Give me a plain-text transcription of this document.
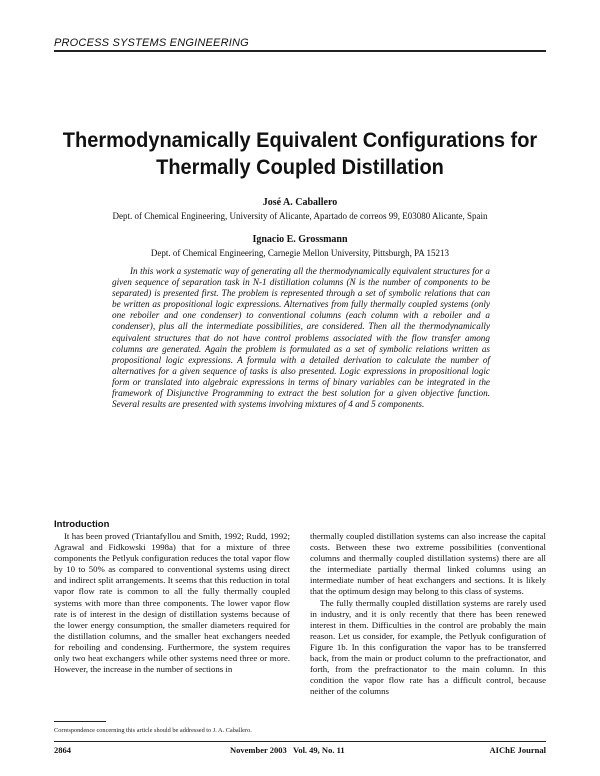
PROCESS SYSTEMS ENGINEERING
Thermodynamically Equivalent Configurations for
Thermally Coupled Distillation
José A. Caballero
Dept. of Chemical Engineering, University of Alicante, Apartado de correos 99, E03080 Alicante, Spain
Ignacio E. Grossmann
Dept. of Chemical Engineering, Carnegie Mellon University, Pittsburgh, PA 15213

In this work a systematic way of generating all the thermodynamically equivalent structures for a given sequence of separation task in N-1 distillation columns (N is the number of components to be separated) is presented first. The problem is represented through a set of symbolic relations that can be written as propositional logic expressions. Alternatives from fully thermally coupled systems (only one reboiler and one condenser) to conventional columns (each column with a reboiler and a condenser), plus all the intermediate possibilities, are considered. Then all the thermodynamically equivalent structures that do not have control problems associated with the flow transfer among columns are generated. Again the problem is formulated as a set of symbolic relations written as propositional logic expressions. A formula with a detailed derivation to calculate the number of alternatives for a given sequence of tasks is also presented. Logic expressions in propositional logic form or translated into algebraic expressions in terms of binary variables can be integrated in the framework of Disjunctive Programming to extract the best solution for a given objective function. Several results are presented with systems involving mixtures of 4 and 5 components.

Introduction

It has been proved (Triantafyllou and Smith, 1992; Rudd, 1992; Agrawal and Fidkowski 1998a) that for a mixture of three components the Petlyuk configuration reduces the total vapor flow by 10 to 50% as compared to conventional systems using direct and indirect split arrangements. It seems that this reduction in total vapor flow rate is common to all the fully thermally coupled systems with more than three components. The lower vapor flow rate is of interest in the design of distillation systems because of the lower energy consumption, the smaller diameters required for the distillation columns, and the smaller heat exchangers needed for reboiling and condensing. Furthermore, the system requires only two heat exchangers while other systems need three or more. However, the increase in the number of sections in

thermally coupled distillation systems can also increase the capital costs. Between these two extreme possibilities (conventional columns and thermally coupled distillation systems) there are all the intermediate partially thermal linked columns using an intermediate number of heat exchangers and sections. It is likely that the optimum design may belong to this class of systems.

The fully thermally coupled distillation systems are rarely used in industry, and it is only recently that there has been renewed interest in them. Difficulties in the control are probably the main reason. Let us consider, for example, the Petlyuk configuration of Figure 1b. In this configuration the vapor has to be transferred back, from the main or product column to the prefractionator, and forth, from the prefractionator to the main column. In this condition the vapor flow rate has a difficult control, because neither of the columns

Correspondence concerning this article should be addressed to J. A. Caballero.
2864	November 2003   Vol. 49, No. 11	AIChE Journal
